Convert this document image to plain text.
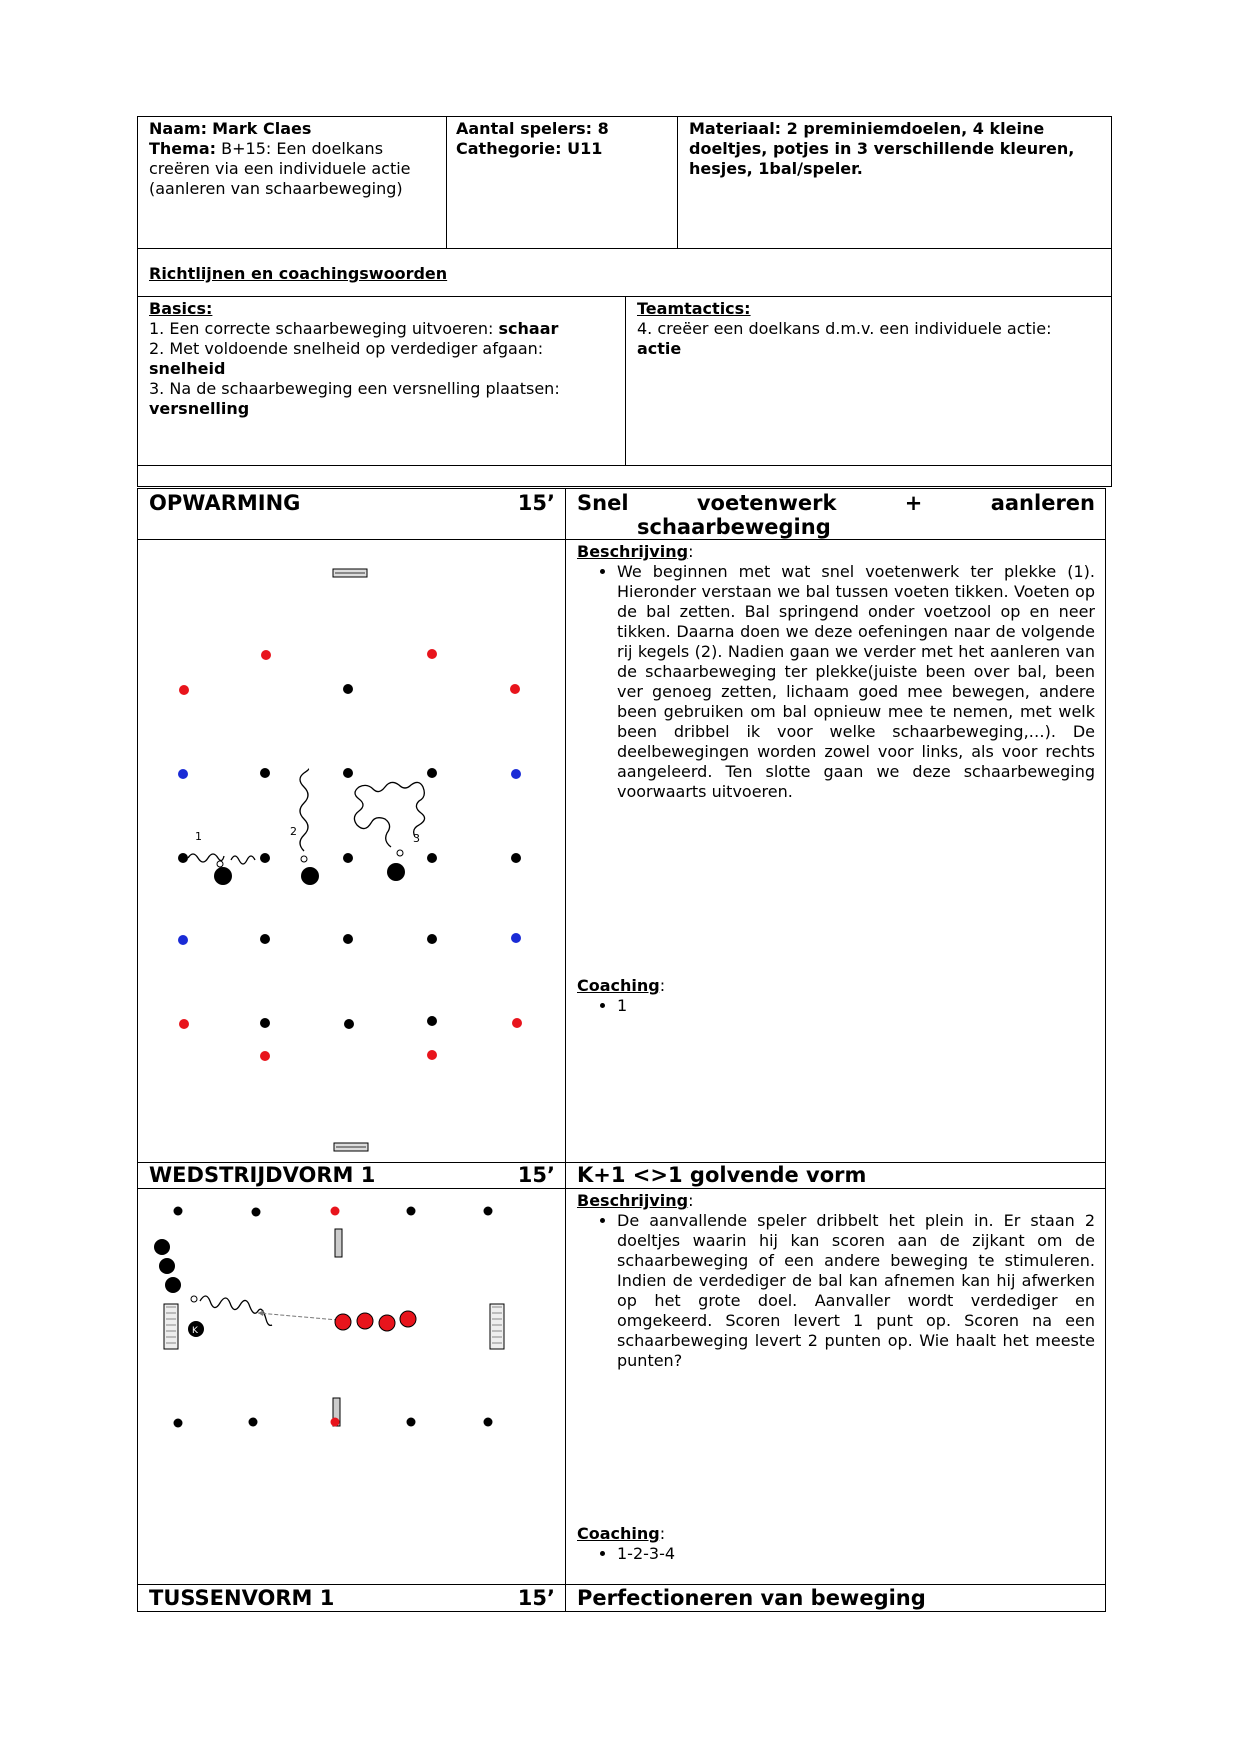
Naam: Mark Claes
Thema: B+15: Een doelkans creëren via een individuele actie (aanleren van schaarbeweging)
Aantal spelers: 8
Cathegorie: U11
Materiaal: 2 preminiemdoelen, 4 kleine doeltjes, potjes in 3 verschillende kleuren, hesjes, 1bal/speler.
Richtlijnen en coachingswoorden
Basics:
1. Een correcte schaarbeweging uitvoeren: schaar
2. Met voldoende snelheid op verdediger afgaan: snelheid
3. Na de schaarbeweging een versnelling plaatsen: versnelling
Teamtactics:
4. creëer een doelkans d.m.v. een individuele actie: actie
OPWARMING	15’ Snel voetenwerk + aanleren
schaarbeweging
1	2
3
Beschrijving:
• We beginnen met wat snel voetenwerk ter plekke (1). Hieronder verstaan we bal tussen voeten tikken. Voeten op de bal zetten. Bal springend onder voetzool op en neer tikken. Daarna doen we deze oefeningen naar de volgende rij kegels (2). Nadien gaan we verder met het aanleren van de schaarbeweging ter plekke(juiste been over bal, been ver genoeg zetten, lichaam goed mee bewegen, andere been gebruiken om bal opnieuw mee te nemen, met welk been dribbel ik voor welke schaarbeweging,…). De deelbewegingen worden zowel voor links, als voor rechts aangeleerd. Ten slotte gaan we deze schaarbeweging voorwaarts uitvoeren.
Coaching:
• 1
WEDSTRIJDVORM 1	15’ K+1 <>1 golvende vorm
K
Beschrijving:
• De aanvallende speler dribbelt het plein in. Er staan 2 doeltjes waarin hij kan scoren aan de zijkant om de schaarbeweging of een andere beweging te stimuleren. Indien de verdediger de bal kan afnemen kan hij afwerken op het grote doel. Aanvaller wordt verdediger en omgekeerd. Scoren levert 1 punt op. Scoren na een schaarbeweging levert 2 punten op. Wie haalt het meeste punten?
Coaching:
• 1-2-3-4
TUSSENVORM 1	15’ Perfectioneren van beweging
